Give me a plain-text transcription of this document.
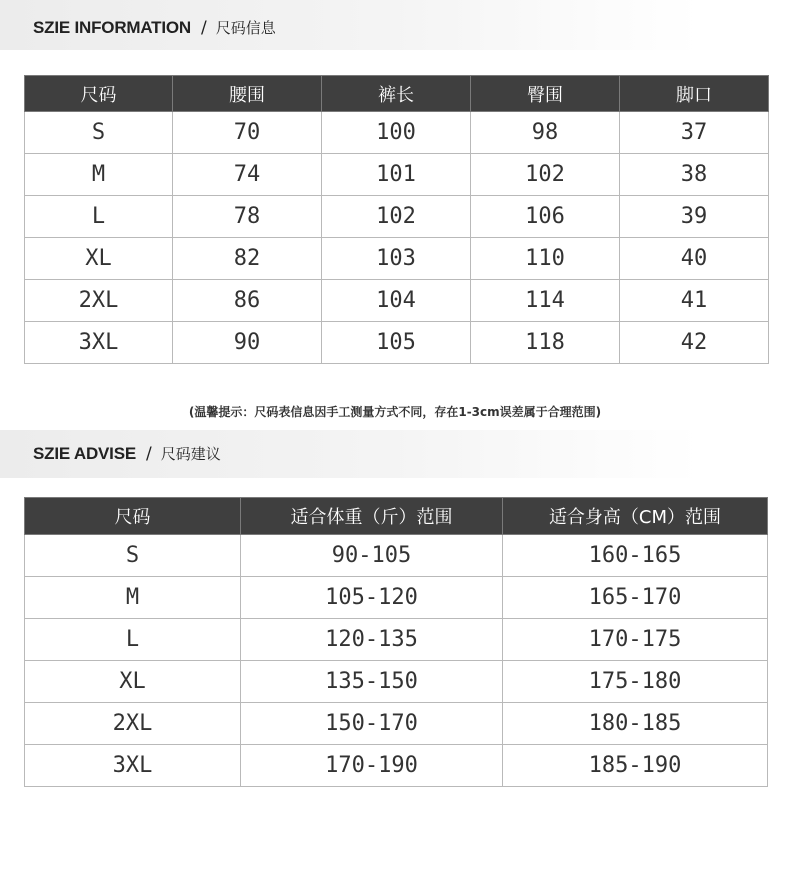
SZIE INFORMATION / 尺码信息
尺码	腰围	裤长	臀围	脚口
S	70	100	98	37
M	74	101	102	38
L	78	102	106	39
XL	82	103	110	40
2XL	86	104	114	41
3XL	90	105	118	42
(温馨提示：尺码表信息因手工测量方式不同，存在1-3cm误差属于合理范围)
SZIE ADVISE / 尺码建议
尺码	适合体重（斤）范围	适合身高（CM）范围
S	90-105	160-165
M	105-120	165-170
L	120-135	170-175
XL	135-150	175-180
2XL	150-170	180-185
3XL	170-190	185-190
